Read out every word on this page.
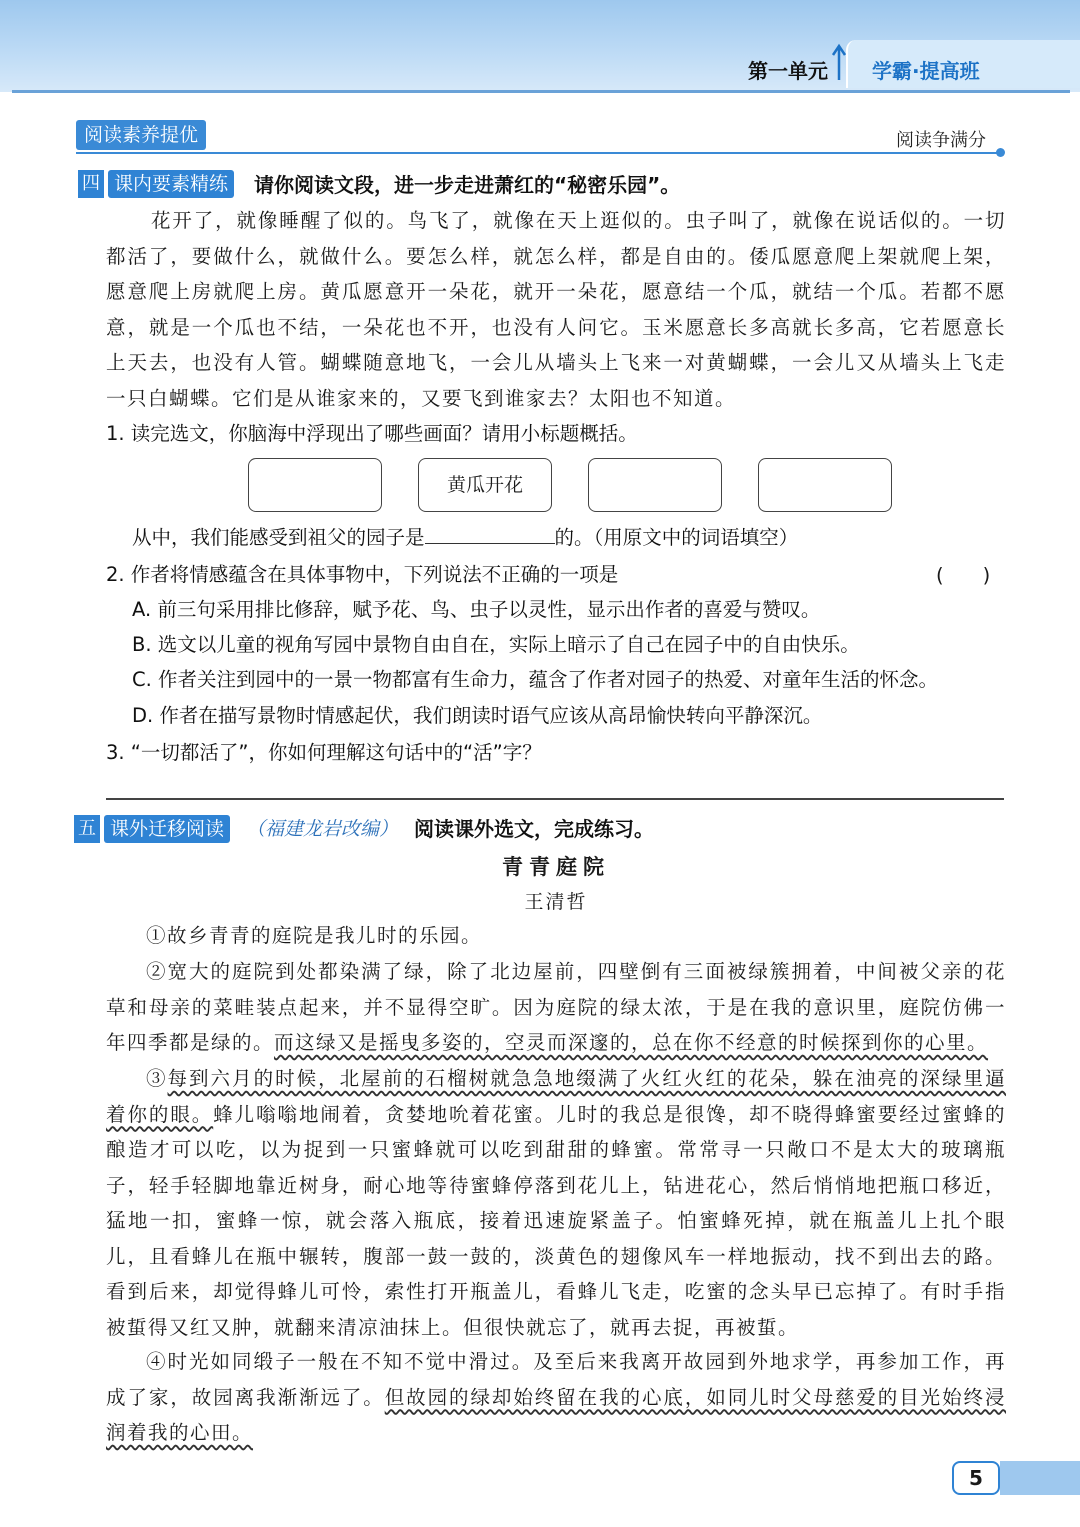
第一单元 学霸·提高班
阅读素养提优	阅读争满分
四 课内要素精练	请你阅读文段，进一步走进萧红的“秘密乐园”。

花开了，就像睡醒了似的。鸟飞了，就像在天上逛似的。虫子叫了，就像在说话似的。一切都活了，要做什么，就做什么。要怎么样，就怎么样，都是自由的。倭瓜愿意爬上架就爬上架，愿意爬上房就爬上房。黄瓜愿意开一朵花，就开一朵花，愿意结一个瓜，就结一个瓜。若都不愿意，就是一个瓜也不结，一朵花也不开，也没有人问它。玉米愿意长多高就长多高，它若愿意长上天去，也没有人管。蝴蝶随意地飞，一会儿从墙头上飞来一对黄蝴蝶，一会儿又从墙头上飞走一只白蝴蝶。它们是从谁家来的，又要飞到谁家去？太阳也不知道。

1. 读完选文，你脑海中浮现出了哪些画面？请用小标题概括。

黄瓜开花

从中，我们能感受到祖父的园子是	的。（用原文中的词语填空）

2. 作者将情感蕴含在具体事物中，下列说法不正确的一项是	(　　)

A. 前三句采用排比修辞，赋予花、鸟、虫子以灵性，显示出作者的喜爱与赞叹。

B. 选文以儿童的视角写园中景物自由自在，实际上暗示了自己在园子中的自由快乐。

C. 作者关注到园中的一景一物都富有生命力，蕴含了作者对园子的热爱、对童年生活的怀念。

D. 作者在描写景物时情感起伏，我们朗读时语气应该从高昂愉快转向平静深沉。

3. “一切都活了”，你如何理解这句话中的“活”字？

五 课外迁移阅读	（福建龙岩改编） 阅读课外选文，完成练习。
青青庭院
王清哲

①故乡青青的庭院是我儿时的乐园。

②宽大的庭院到处都染满了绿，除了北边屋前，四壁倒有三面被绿簇拥着，中间被父亲的花草和母亲的菜畦装点起来，并不显得空旷。因为庭院的绿太浓，于是在我的意识里，庭院仿佛一年四季都是绿的。而这绿又是摇曳多姿的，空灵而深邃的，总在你不经意的时候探到你的心里。

③每到六月的时候，北屋前的石榴树就急急地缀满了火红火红的花朵，躲在油亮的深绿里逼着你的眼。蜂儿嗡嗡地闹着，贪婪地吮着花蜜。儿时的我总是很馋，却不晓得蜂蜜要经过蜜蜂的酿造才可以吃，以为捉到一只蜜蜂就可以吃到甜甜的蜂蜜。常常寻一只敞口不是太大的玻璃瓶子，轻手轻脚地靠近树身，耐心地等待蜜蜂停落到花儿上，钻进花心，然后悄悄地把瓶口移近，猛地一扣，蜜蜂一惊，就会落入瓶底，接着迅速旋紧盖子。怕蜜蜂死掉，就在瓶盖儿上扎个眼儿，且看蜂儿在瓶中辗转，腹部一鼓一鼓的，淡黄色的翅像风车一样地振动，找不到出去的路。看到后来，却觉得蜂儿可怜，索性打开瓶盖儿，看蜂儿飞走，吃蜜的念头早已忘掉了。有时手指被蜇得又红又肿，就翻来清凉油抹上。但很快就忘了，就再去捉，再被蜇。

④时光如同缎子一般在不知不觉中滑过。及至后来我离开故园到外地求学，再参加工作，再成了家，故园离我渐渐远了。但故园的绿却始终留在我的心底，如同儿时父母慈爱的目光始终浸润着我的心田。

5
